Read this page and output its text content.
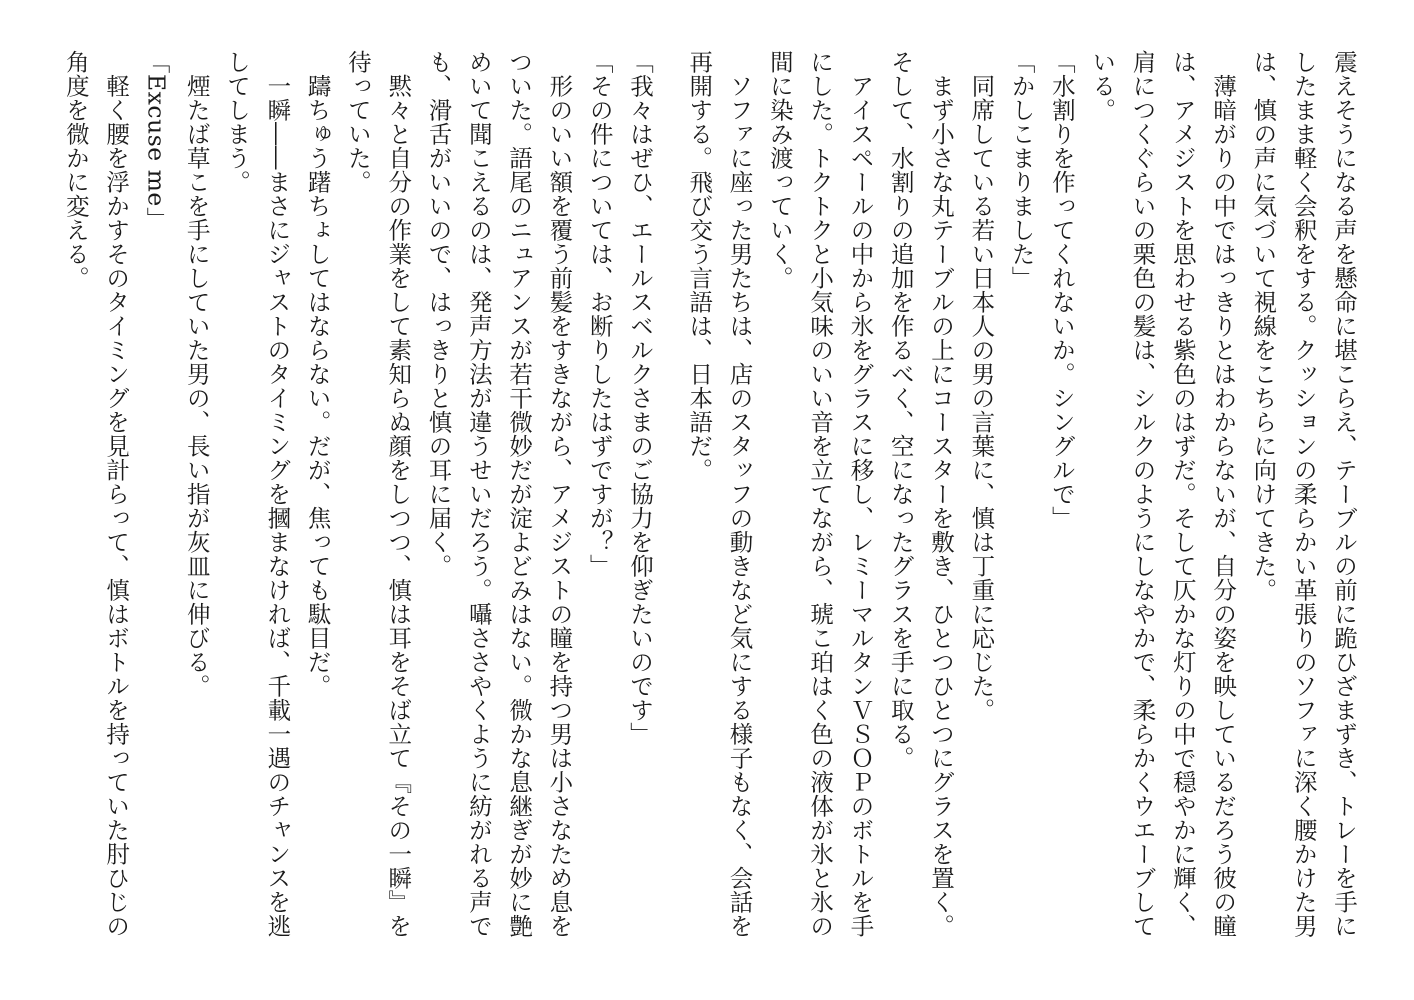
震えそうになる声を懸命に堪こらえ、テーブルの前に跪ひざまずき、トレーを手にしたまま軽く会釈をする。クッションの柔らかい革張りのソファに深く腰かけた男は、慎の声に気づいて視線をこちらに向けてきた。

薄暗がりの中ではっきりとはわからないが、自分の姿を映しているだろう彼の瞳は、アメジストを思わせる紫色のはずだ。そして仄かな灯りの中で穏やかに輝く、肩につくぐらいの栗色の髪は、シルクのようにしなやかで、柔らかくウエーブしている。

「水割りを作ってくれないか。シングルで」

「かしこまりました」

同席している若い日本人の男の言葉に、慎は丁重に応じた。

まず小さな丸テーブルの上にコースターを敷き、ひとつひとつにグラスを置く。そして、水割りの追加を作るべく、空になったグラスを手に取る。

アイスペールの中から氷をグラスに移し、レミーマルタンＶＳＯＰのボトルを手にした。トクトクと小気味のいい音を立てながら、琥こ珀はく色の液体が氷と氷の間に染み渡っていく。

ソファに座った男たちは、店のスタッフの動きなど気にする様子もなく、会話を再開する。飛び交う言語は、日本語だ。

「我々はぜひ、エールスベルクさまのご協力を仰ぎたいのです」

「その件については、お断りしたはずですが？」

形のいい額を覆う前髪をすきながら、アメジストの瞳を持つ男は小さなため息をついた。語尾のニュアンスが若干微妙だが淀よどみはない。微かな息継ぎが妙に艶めいて聞こえるのは、発声方法が違うせいだろう。囁ささやくように紡がれる声でも、滑舌がいいので、はっきりと慎の耳に届く。

黙々と自分の作業をして素知らぬ顔をしつつ、慎は耳をそば立て『その一瞬』を待っていた。

躊ちゅう躇ちょしてはならない。だが、焦っても駄目だ。

一瞬――まさにジャストのタイミングを摑まなければ、千載一遇のチャンスを逃してしまう。

煙たば草こを手にしていた男の、長い指が灰皿に伸びる。

「Excuse me」

軽く腰を浮かすそのタイミングを見計らって、慎はボトルを持っていた肘ひじの角度を微かに変える。
